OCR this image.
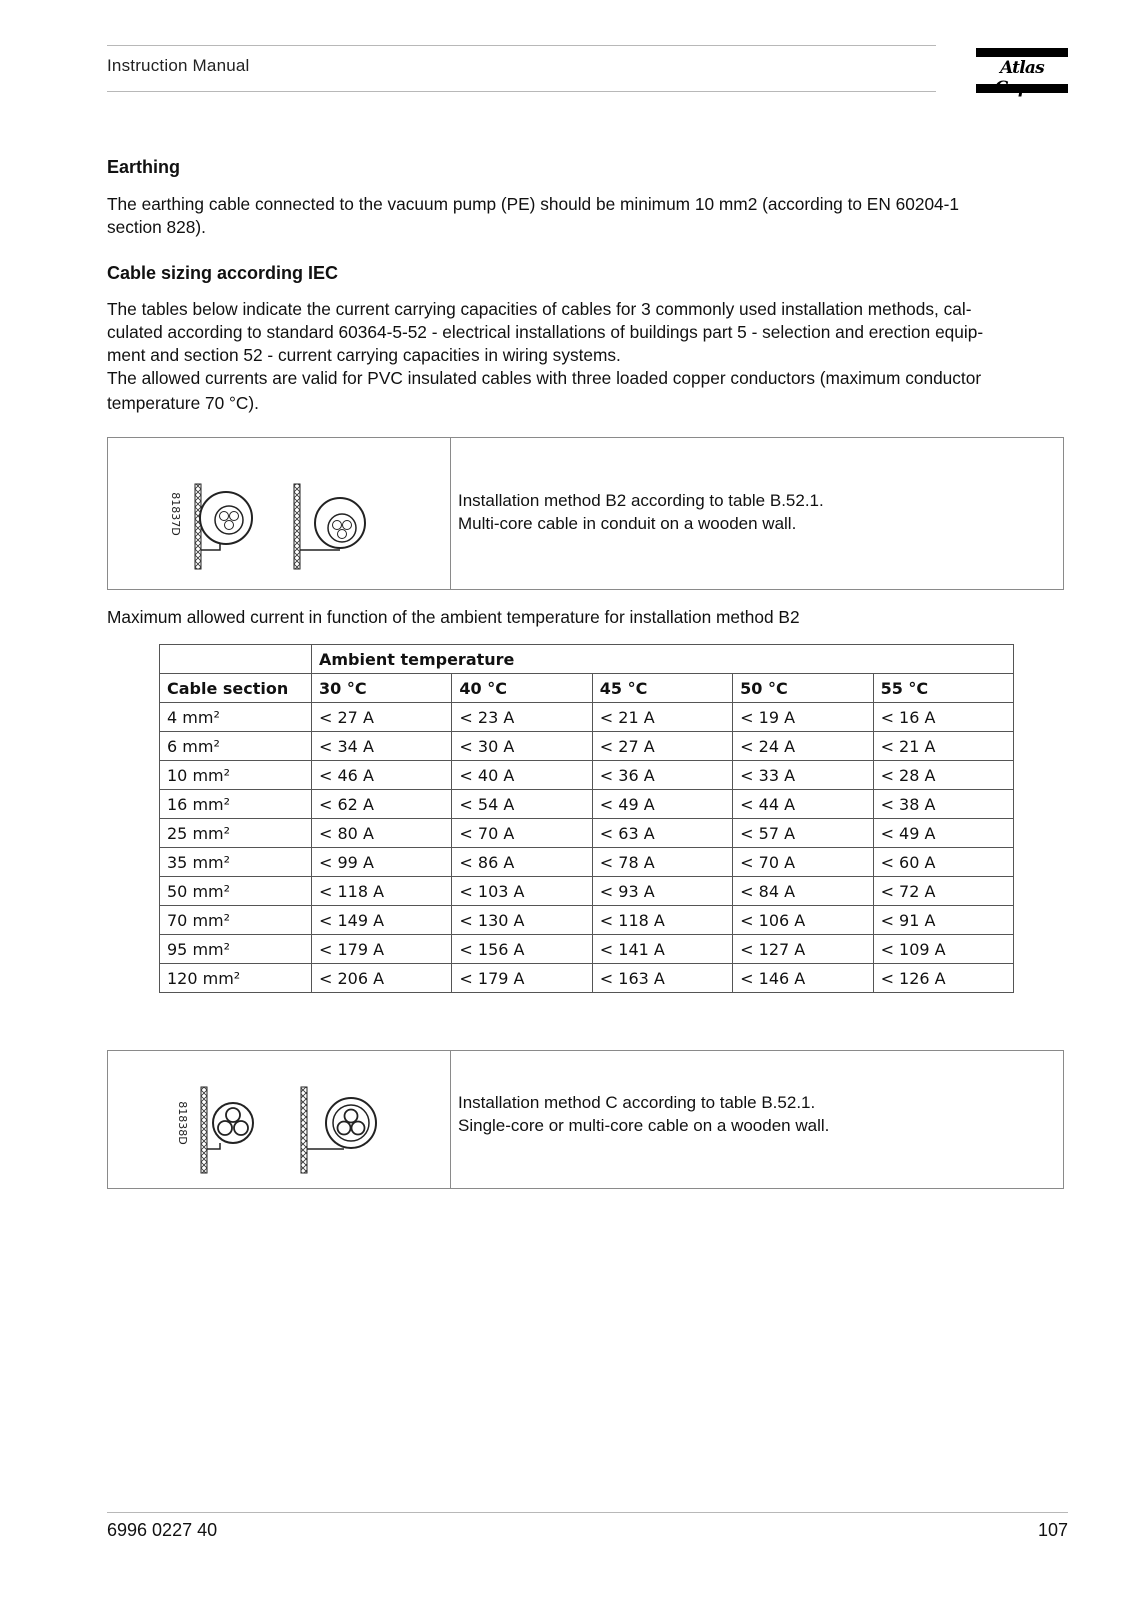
Instruction Manual	Atlas
Earthing
The earthing cable connected to the vacuum pump (PE) should be minimum 10 mm2 (according to EN 60204-1
section 828).
Cable sizing according IEC
The tables below indicate the current carrying capacities of cables for 3 commonly used installation methods, cal-
culated according to standard 60364-5-52 - electrical installations of buildings part 5 - selection and erection equip-
ment and section 52 - current carrying capacities in wiring systems.
The allowed currents are valid for PVC insulated cables with three loaded copper conductors (maximum conductor
temperature 70 °C).
81837D	Installation method B2 according to table B.52.1.
Multi-core cable in conduit on a wooden wall.
Maximum allowed current in function of the ambient temperature for installation method B2
	Ambient temperature				
Cable section	30 °C	40 °C	45 °C	50 °C	55 °C
4 mm²	< 27 A	< 23 A	< 21 A	< 19 A	< 16 A
6 mm²	< 34 A	< 30 A	< 27 A	< 24 A	< 21 A
10 mm²	< 46 A	< 40 A	< 36 A	< 33 A	< 28 A
16 mm²	< 62 A	< 54 A	< 49 A	< 44 A	< 38 A
25 mm²	< 80 A	< 70 A	< 63 A	< 57 A	< 49 A
35 mm²	< 99 A	< 86 A	< 78 A	< 70 A	< 60 A
50 mm²	< 118 A	< 103 A	< 93 A	< 84 A	< 72 A
70 mm²	< 149 A	< 130 A	< 118 A	< 106 A	< 91 A
95 mm²	< 179 A	< 156 A	< 141 A	< 127 A	< 109 A
120 mm²	< 206 A	< 179 A	< 163 A	< 146 A	< 126 A
81838D	Installation method C according to table B.52.1.
Single-core or multi-core cable on a wooden wall.
6996 0227 40	107
